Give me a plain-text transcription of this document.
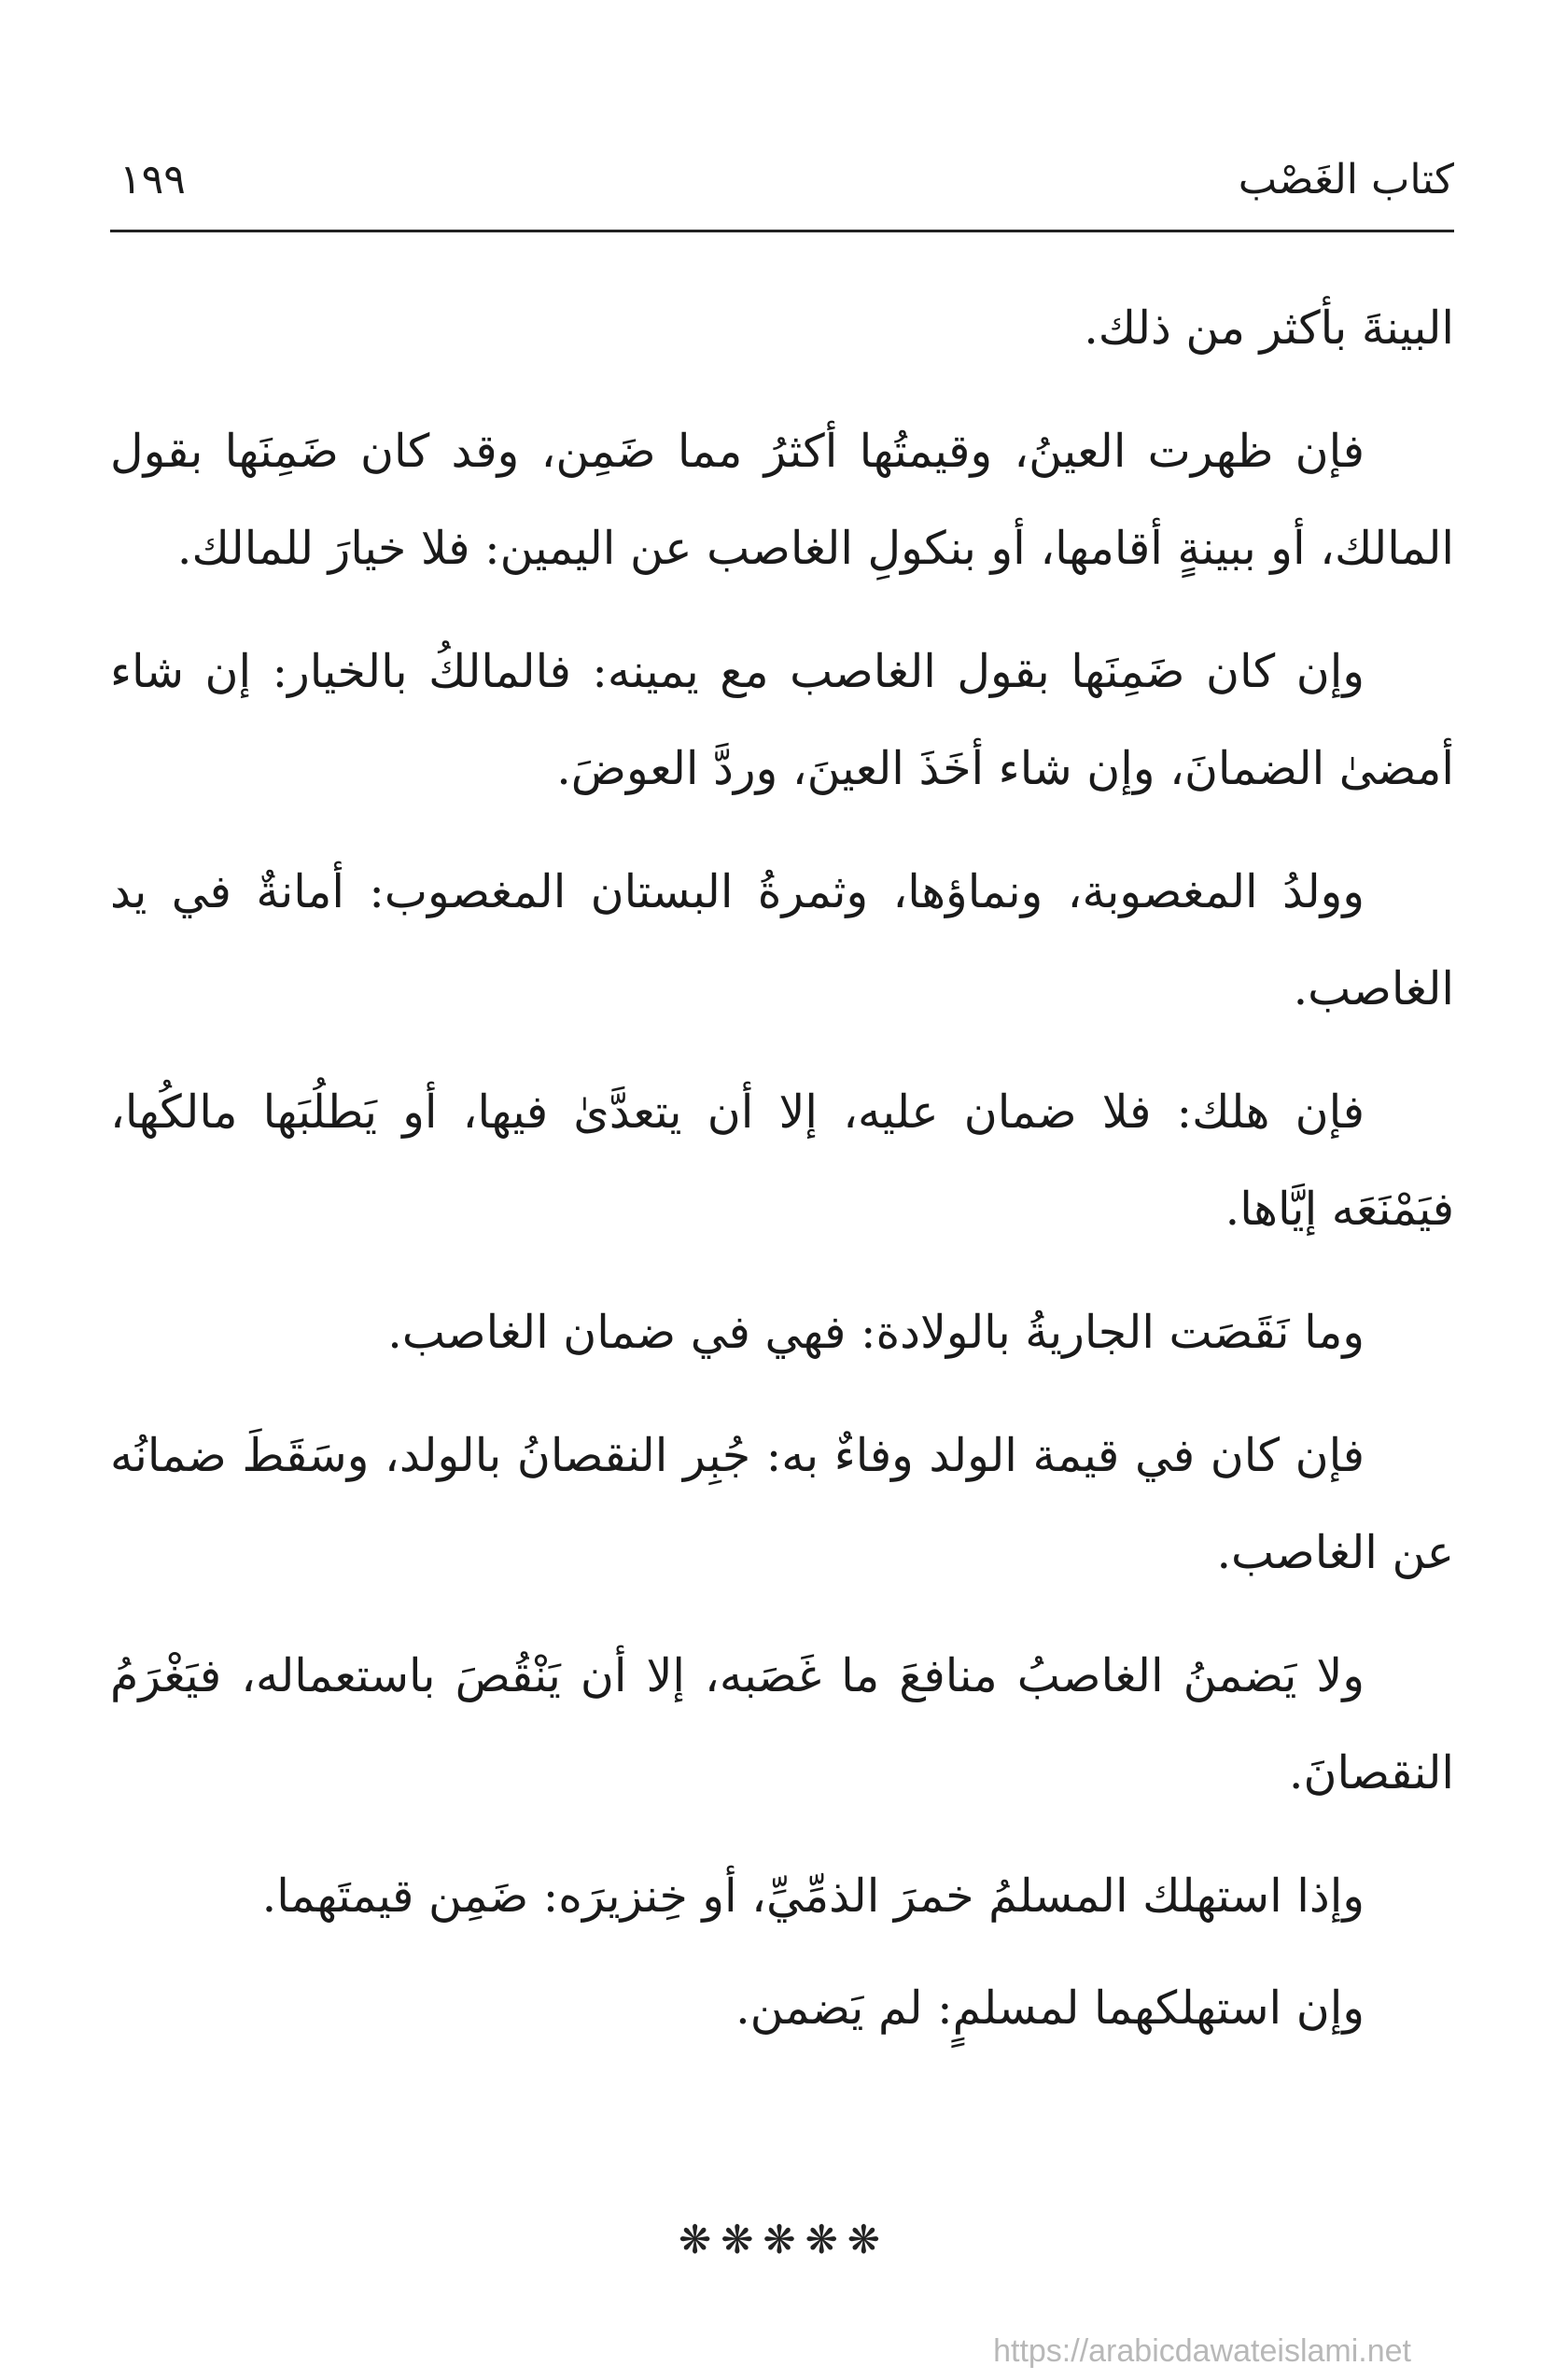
كتاب الغَصْب
١٩٩

البينةَ بأكثر من ذلك.

فإن ظهرت العينُ، وقيمتُها أكثرُ مما ضَمِن، وقد كان ضَمِنَها بقول المالك، أو ببينةٍ أقامها، أو بنكولِ الغاصب عن اليمين: فلا خيارَ للمالك.

وإن كان ضَمِنَها بقول الغاصب مع يمينه: فالمالكُ بالخيار: إن شاء أمضىٰ الضمانَ، وإن شاء أخَذَ العينَ، وردَّ العوضَ.

وولدُ المغصوبة، ونماؤها، وثمرةُ البستان المغصوب: أمانةٌ في يد الغاصب.

فإن هلك: فلا ضمان عليه، إلا أن يتعدَّىٰ فيها، أو يَطلُبَها مالكُها، فيَمْنَعَه إيَّاها.

وما نَقَصَت الجاريةُ بالولادة: فهي في ضمان الغاصب.

فإن كان في قيمة الولد وفاءٌ به: جُبِر النقصانُ بالولد، وسَقَطَ ضمانُه عن الغاصب.

ولا يَضمنُ الغاصبُ منافعَ ما غَصَبه، إلا أن يَنْقُصَ باستعماله، فيَغْرَمُ النقصانَ.

وإذا استهلك المسلمُ خمرَ الذمِّيِّ، أو خِنزيرَه: ضَمِن قيمتَهما.

وإن استهلكهما لمسلمٍ: لم يَضمن.

❋❋❋❋❋
https://arabicdawateislami.net
